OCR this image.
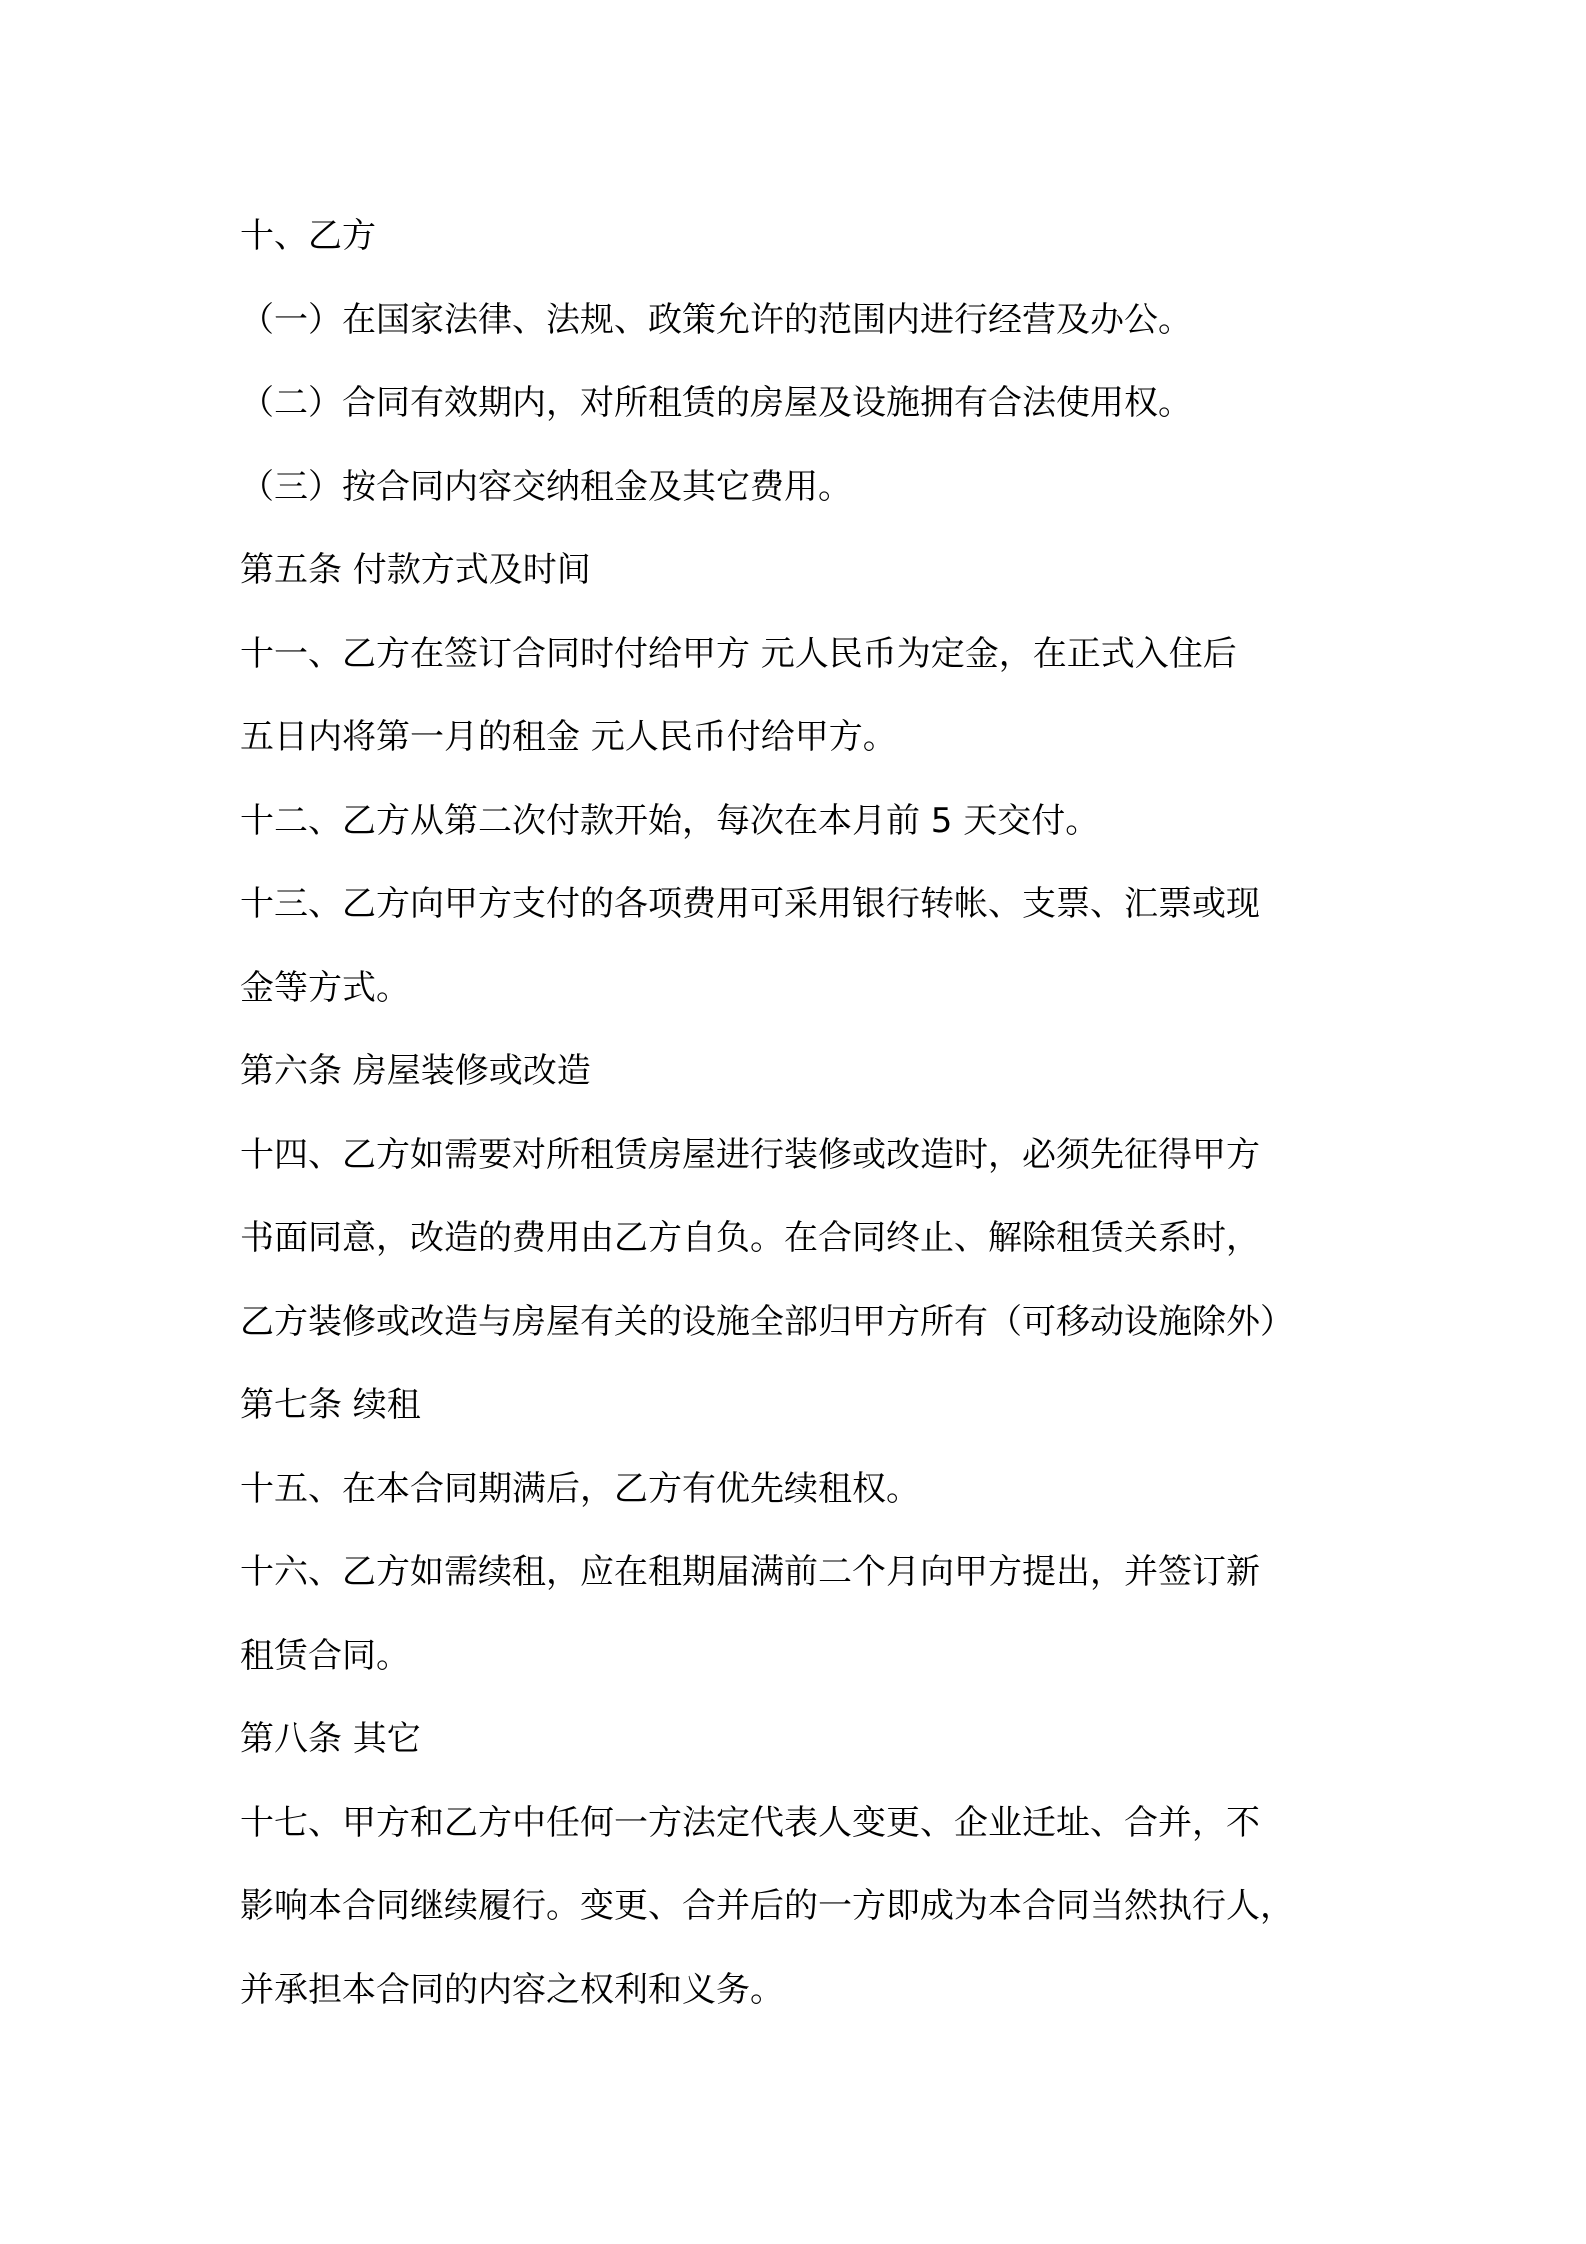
十、乙方
（一）在国家法律、法规、政策允许的范围内进行经营及办公。
（二）合同有效期内，对所租赁的房屋及设施拥有合法使用权。
（三）按合同内容交纳租金及其它费用。
第五条 付款方式及时间
十一、乙方在签订合同时付给甲方 元人民币为定金，在正式入住后
五日内将第一月的租金 元人民币付给甲方。
十二、乙方从第二次付款开始，每次在本月前 5 天交付。
十三、乙方向甲方支付的各项费用可采用银行转帐、支票、汇票或现
金等方式。
第六条 房屋装修或改造
十四、乙方如需要对所租赁房屋进行装修或改造时，必须先征得甲方
书面同意，改造的费用由乙方自负。在合同终止、解除租赁关系时，
乙方装修或改造与房屋有关的设施全部归甲方所有（可移动设施除外）
第七条 续租
十五、在本合同期满后，乙方有优先续租权。
十六、乙方如需续租，应在租期届满前二个月向甲方提出，并签订新
租赁合同。
第八条 其它
十七、甲方和乙方中任何一方法定代表人变更、企业迁址、合并，不
影响本合同继续履行。变更、合并后的一方即成为本合同当然执行人，
并承担本合同的内容之权利和义务。
